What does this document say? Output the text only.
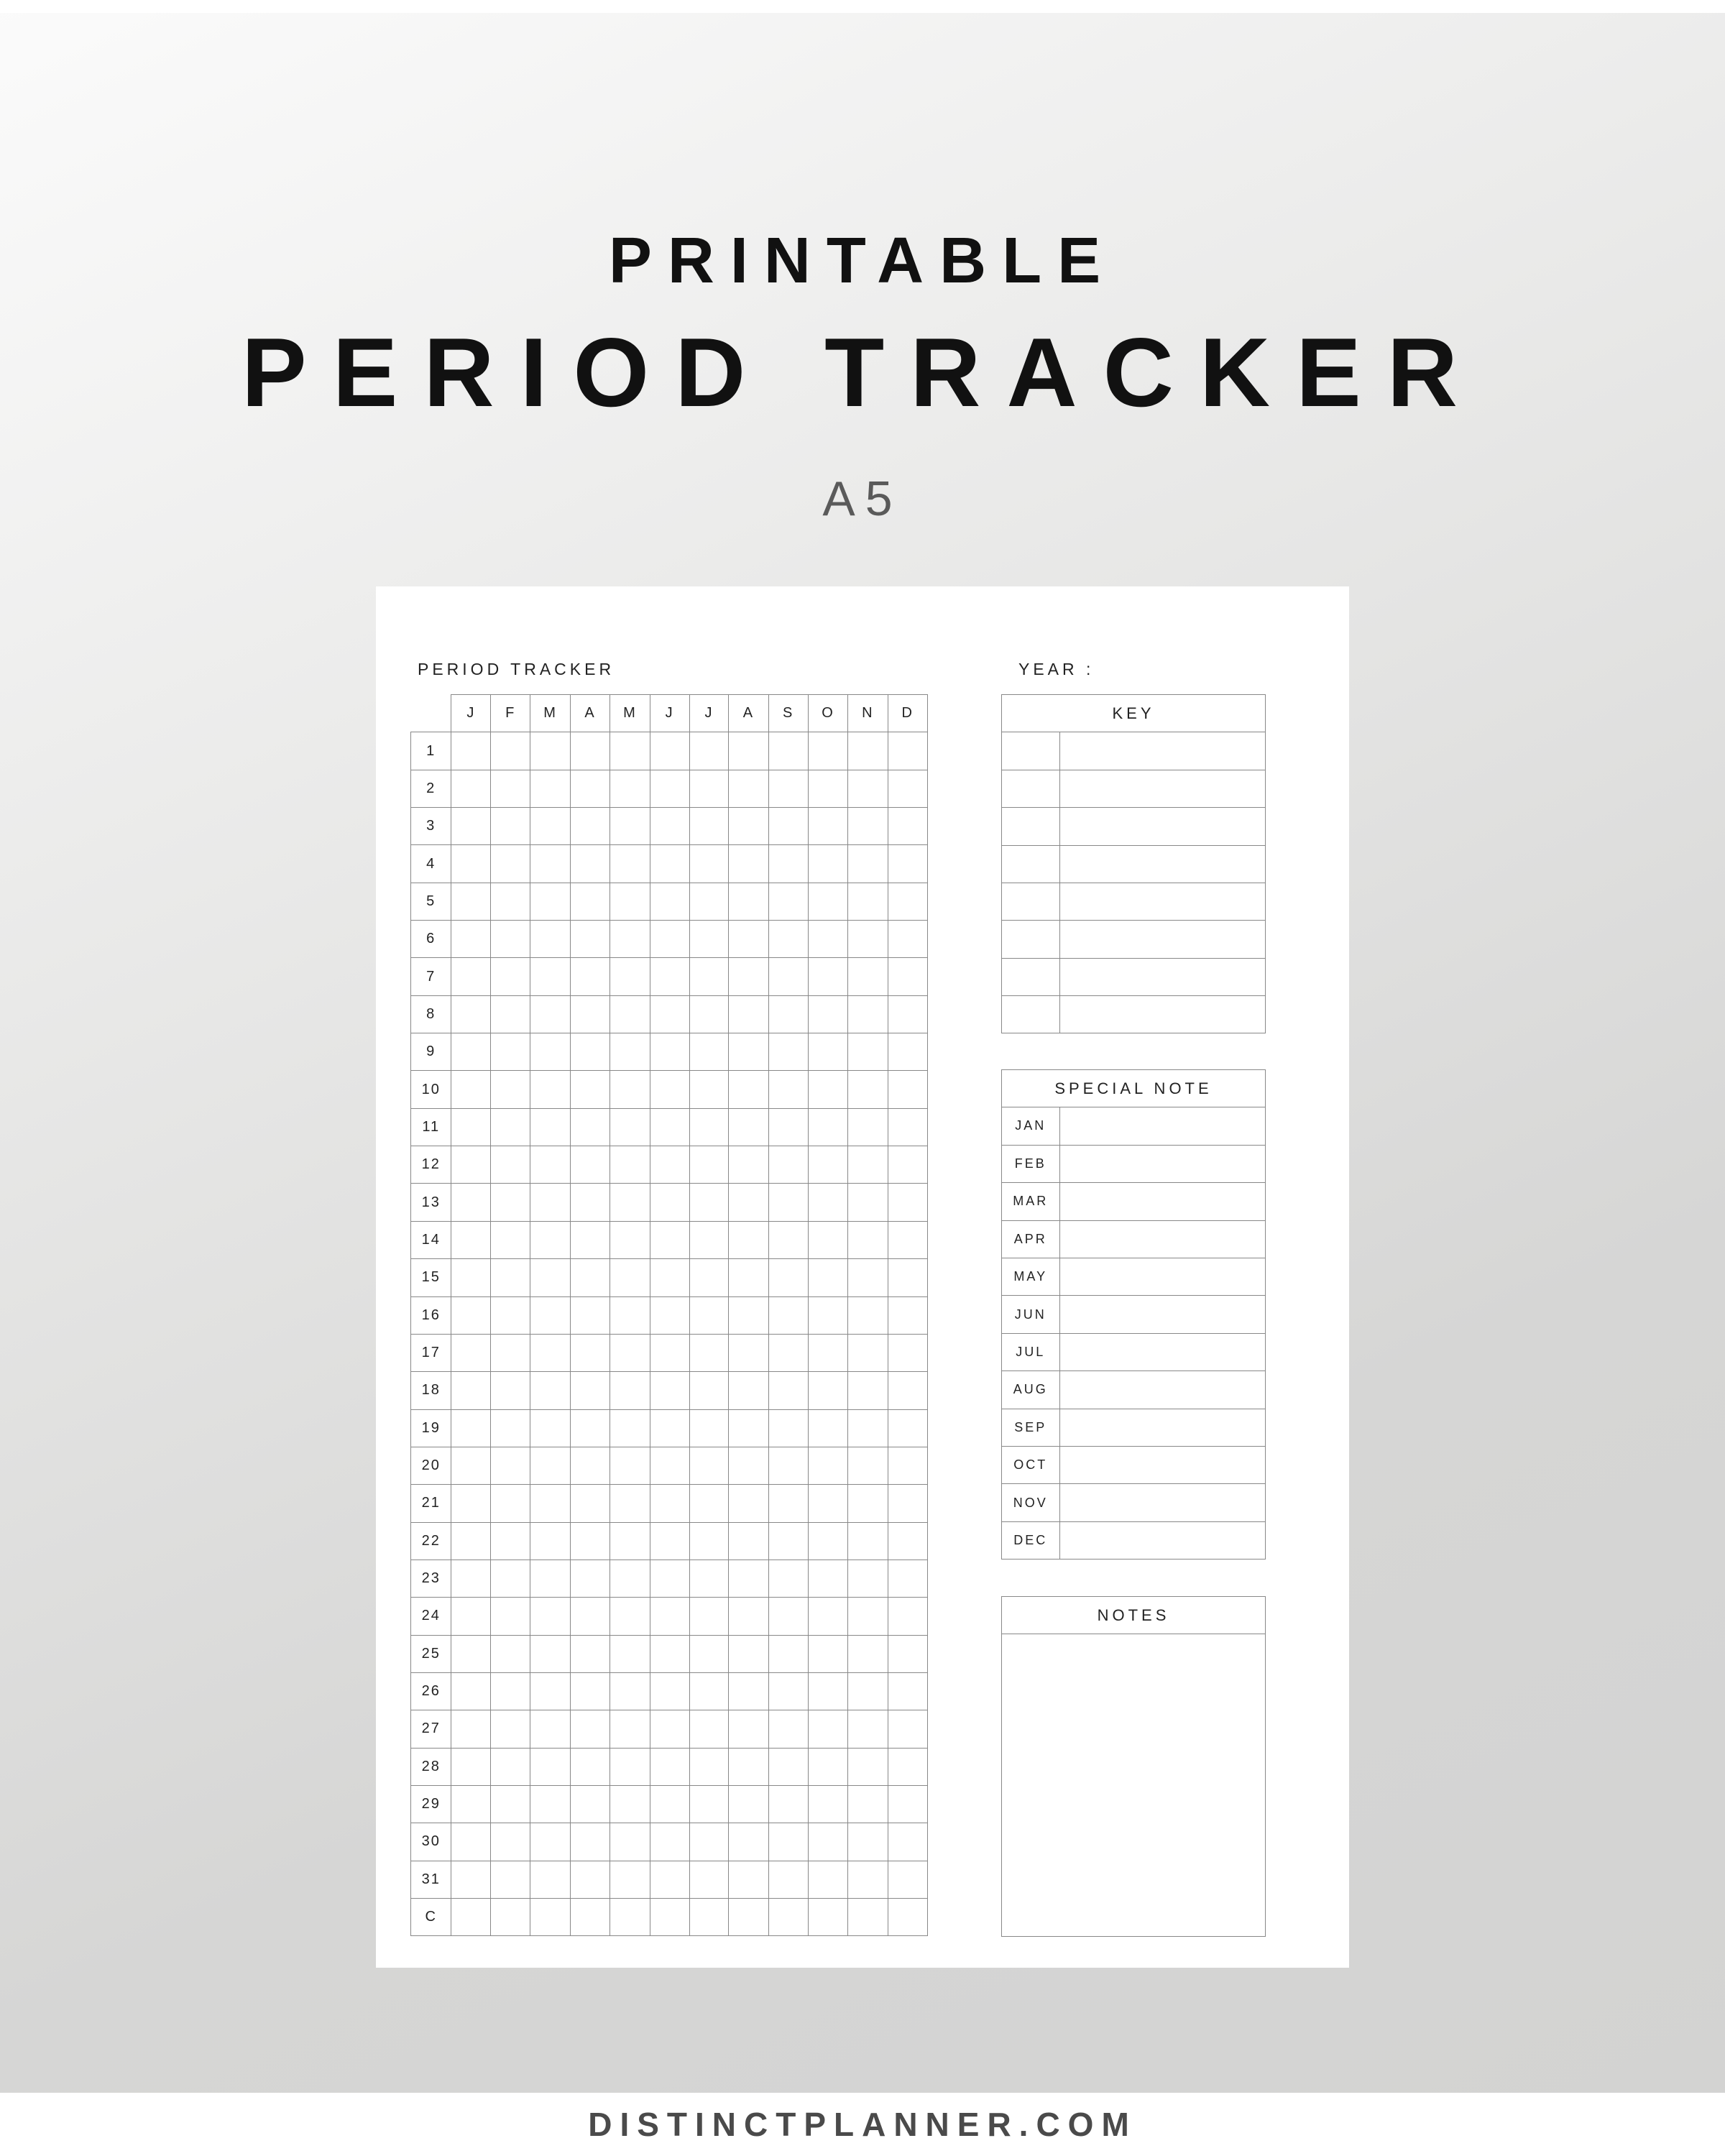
PRINTABLE
PERIOD TRACKER
A5
PERIOD TRACKER	YEAR :
	J	F	M	A	M	J	J	A	S	O	N	D
1												
2												
3												
4												
5												
6												
7												
8												
9												
10												
11												
12												
13												
14												
15												
16												
17												
18												
19												
20												
21												
22												
23												
24												
25												
26												
27												
28												
29												
30												
31												
C												
KEY

SPECIAL NOTE
JAN	
FEB	
MAR	
APR	
MAY	
JUN	
JUL	
AUG	
SEP	
OCT	
NOV	
DEC	
NOTES
DISTINCTPLANNER.COM
